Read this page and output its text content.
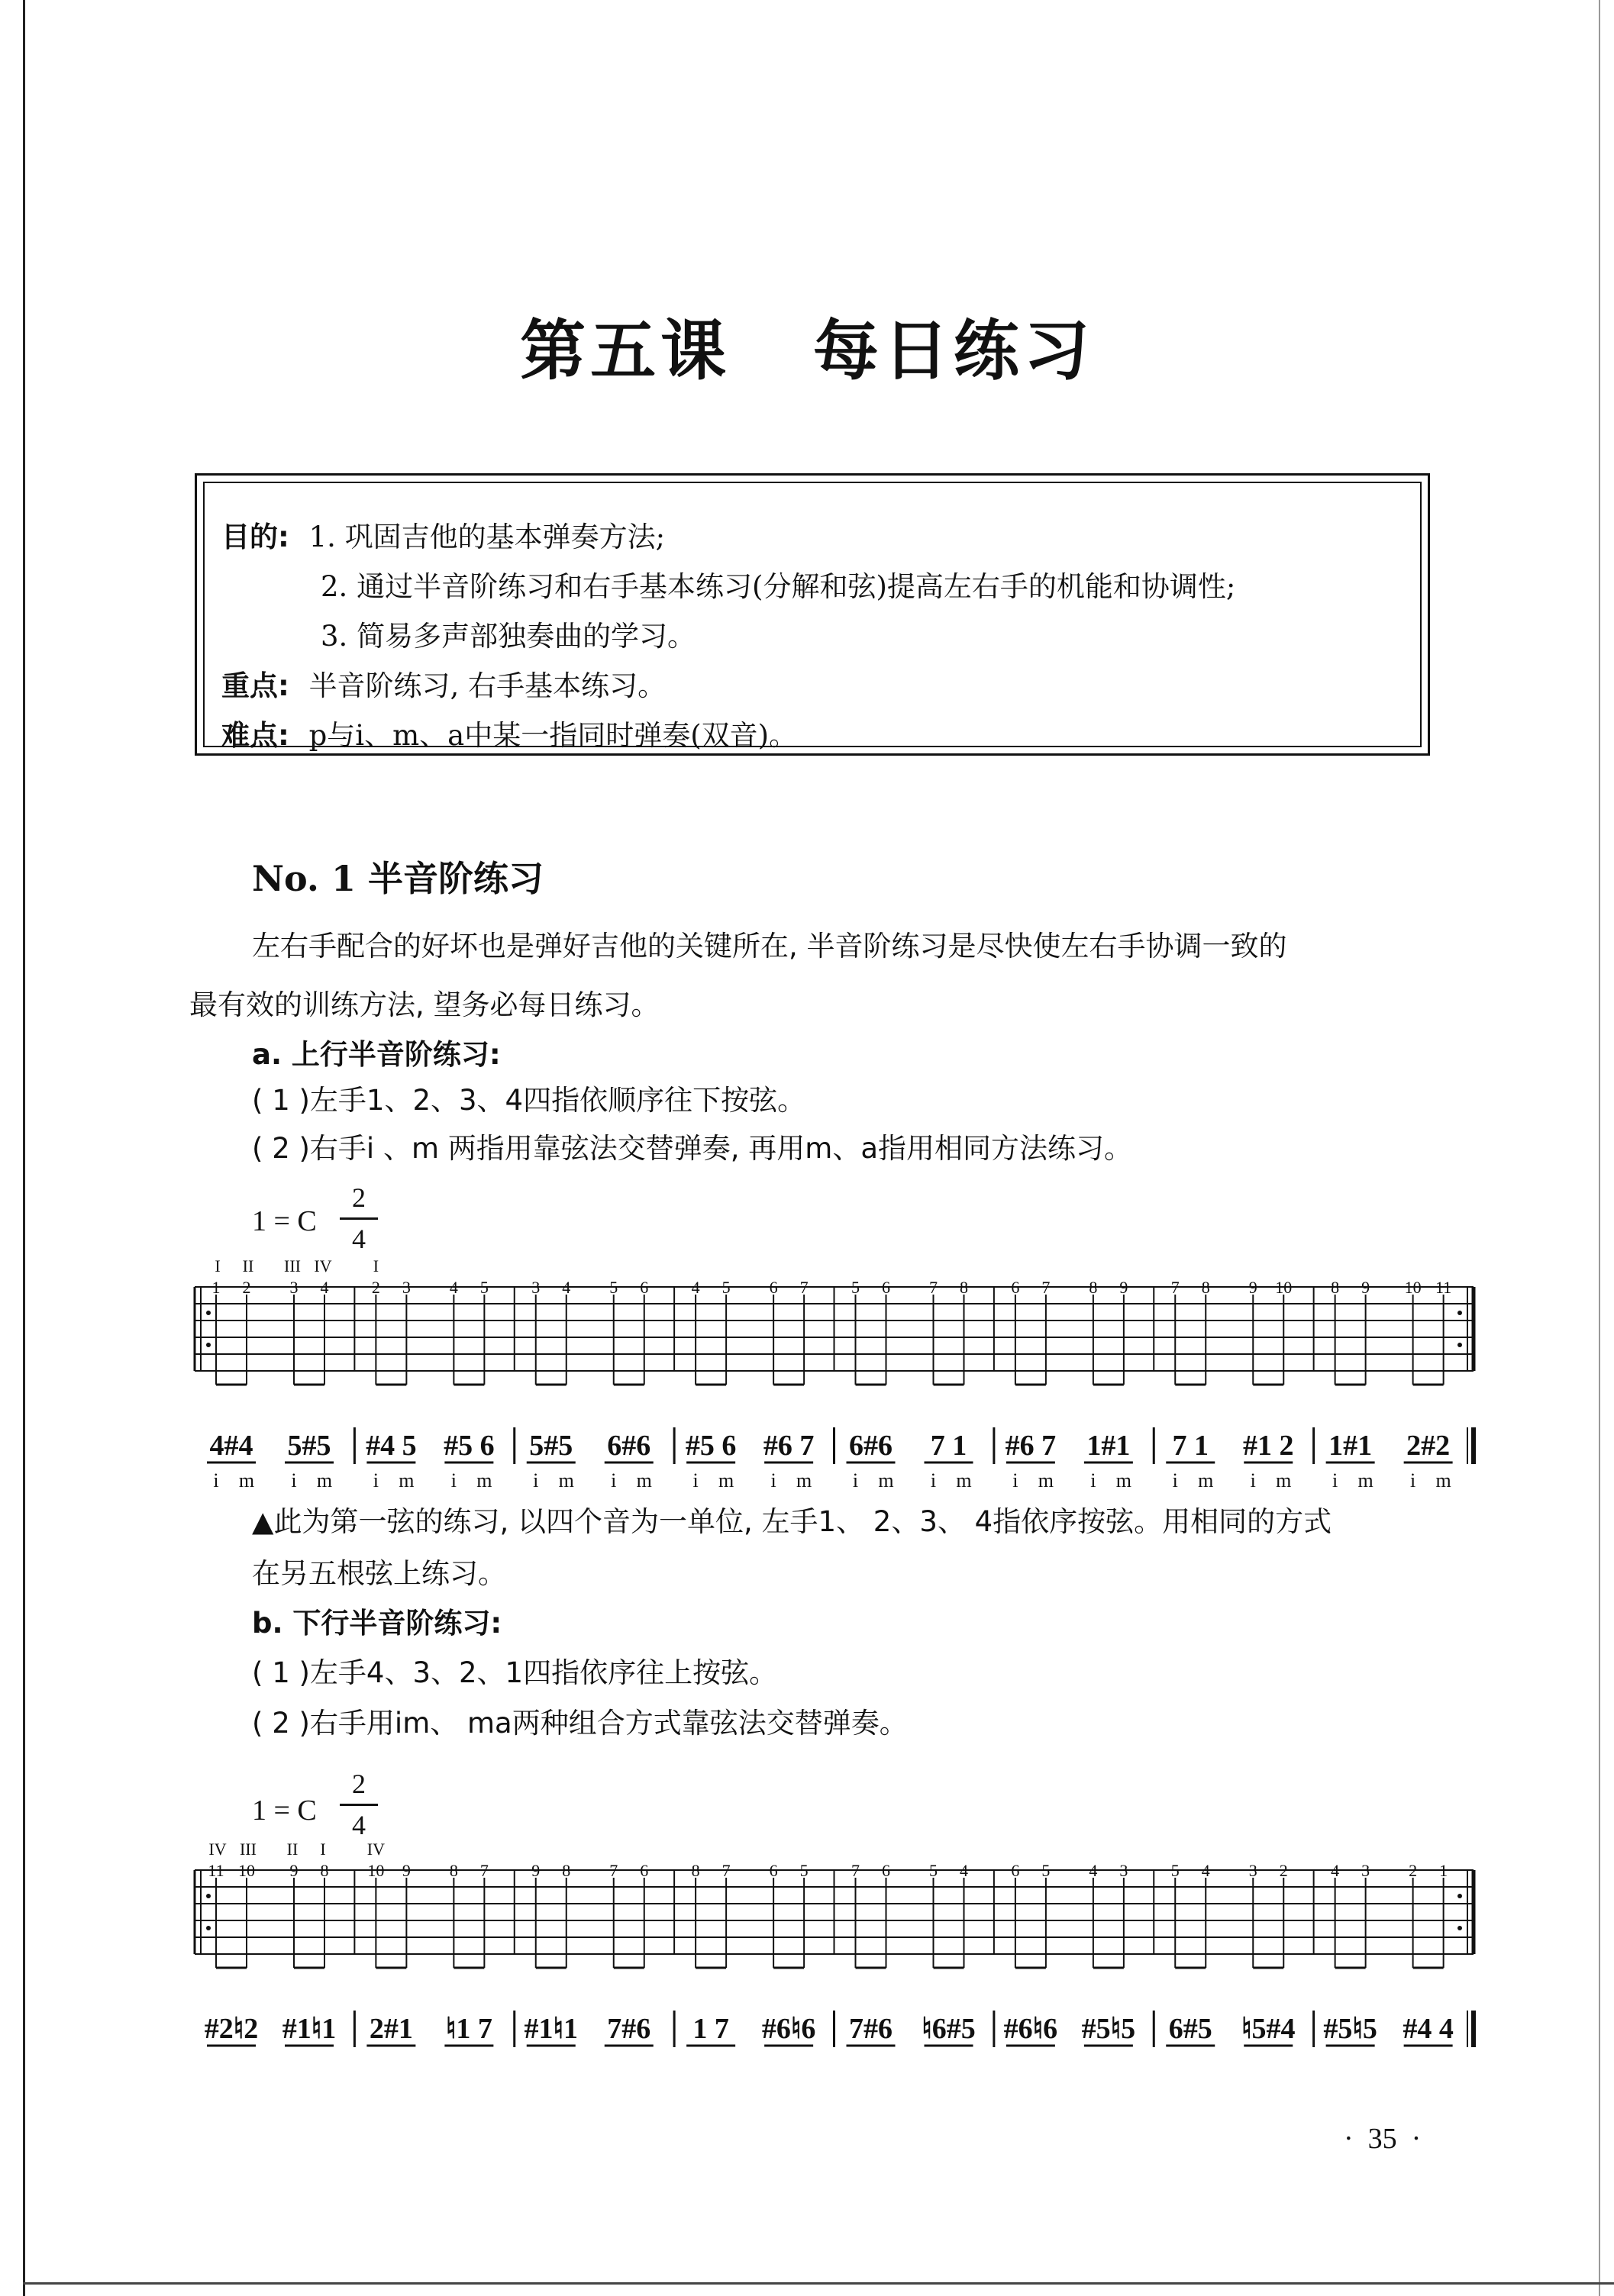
第五课   每日练习
目的: 1. 巩固吉他的基本弹奏方法;
2. 通过半音阶练习和右手基本练习(分解和弦)提高左右手的机能和协调性;
3. 简易多声部独奏曲的学习。
重点: 半音阶练习, 右手基本练习。
难点: p与i、m、a中某一指同时弹奏(双音)。
No. 1 半音阶练习
左右手配合的好坏也是弹好吉他的关键所在, 半音阶练习是尽快使左右手协调一致的
最有效的训练方法, 望务必每日练习。
a. 上行半音阶练习:
( 1 )左手1、2、3、4四指依顺序往下按弦。
( 2 )右手i 、m 两指用靠弦法交替弹奏, 再用m、a指用相同方法练习。
1 = C
2
4
1 2 3 4
4#4 5#5
i m i m
2 3 4 5
#4 5 #5 6
i m i m
3 4 5 6
5#5 6#6
i m i m
4 5 6 7
#5 6 #6 7
i m i m
5 6 7 8
6#6 7 1
i m i m
6 7 8 9
#6 7 1#1
i m i m
7 8 9 10
7 1 #1 2
i m i m
8 9 10 11
1#1 2#2
i m i m
I II III IV I
▲此为第一弦的练习, 以四个音为一单位, 左手1、 2、3、 4指依序按弦。用相同的方式
在另五根弦上练习。
b. 下行半音阶练习:
( 1 )左手4、3、2、1四指依序往上按弦。
( 2 )右手用im、 ma两种组合方式靠弦法交替弹奏。
1 = C
2
4
11 10 9 8
#2♮2 #1♮1
10 9 8 7
2#1 ♮1 7
9 8 7 6
#1♮1 7#6
8 7 6 5
1 7 #6♮6
7 6 5 4
7#6 ♮6#5
6 5 4 3
#6♮6 #5♮5
5 4 3 2
6#5 ♮5#4
4 3 2 1
#5♮5 #4 4
IV III II I IV
·  35  ·
